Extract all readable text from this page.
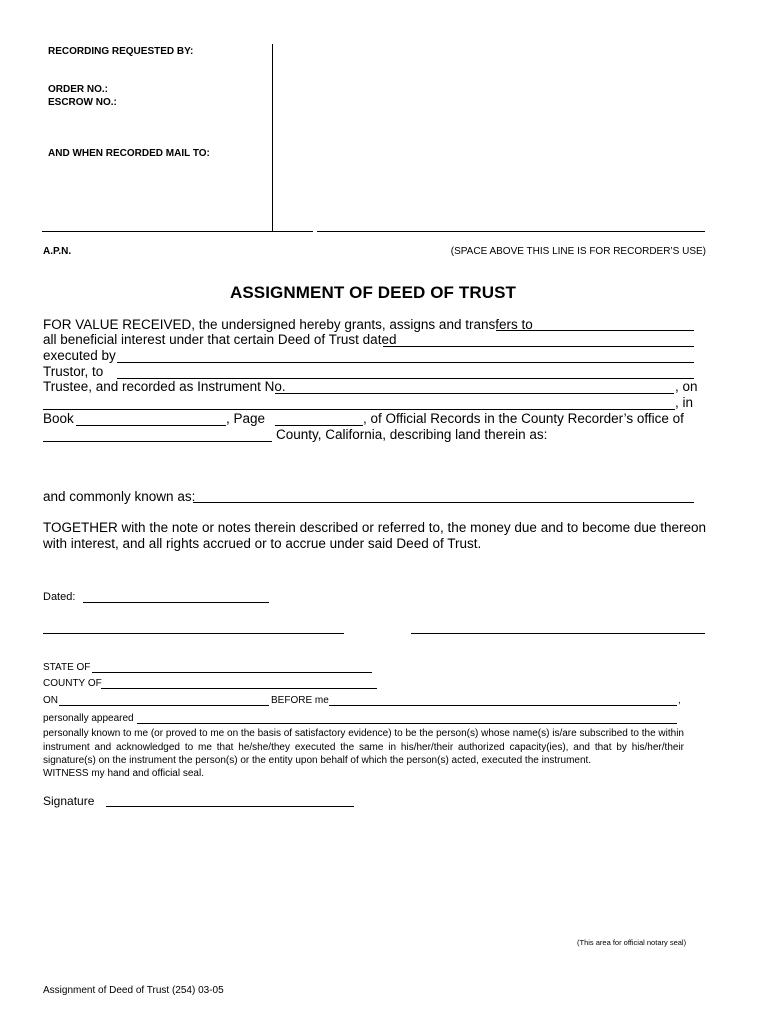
RECORDING REQUESTED BY:
ORDER NO.:
ESCROW NO.:
AND WHEN RECORDED MAIL TO:
A.P.N.	(SPACE ABOVE THIS LINE IS FOR RECORDER’S USE)
ASSIGNMENT OF DEED OF TRUST
FOR VALUE RECEIVED, the undersigned hereby grants, assigns and transfers to
all beneficial interest under that certain Deed of Trust dated
executed by
Trustor, to
Trustee, and recorded as Instrument No.	, on
, in
Book	, Page	, of Official Records in the County Recorder’s office of
County, California, describing land therein as:
and commonly known as:
TOGETHER with the note or notes therein described or referred to, the money due and to become due thereon with interest, and all rights accrued or to accrue under said Deed of Trust.
Dated:
STATE OF
COUNTY OF
ON	BEFORE me	,
personally appeared
personally known to me (or proved to me on the basis of satisfactory evidence) to be the person(s) whose name(s) is/are subscribed to the within instrument and acknowledged to me that he/she/they executed the same in his/her/their authorized capacity(ies), and that by his/her/their signature(s) on the instrument the person(s) or the entity upon behalf of which the person(s) acted, executed the instrument.
WITNESS my hand and official seal.
Signature
(This area for official notary seal)
Assignment of Deed of Trust (254) 03-05
